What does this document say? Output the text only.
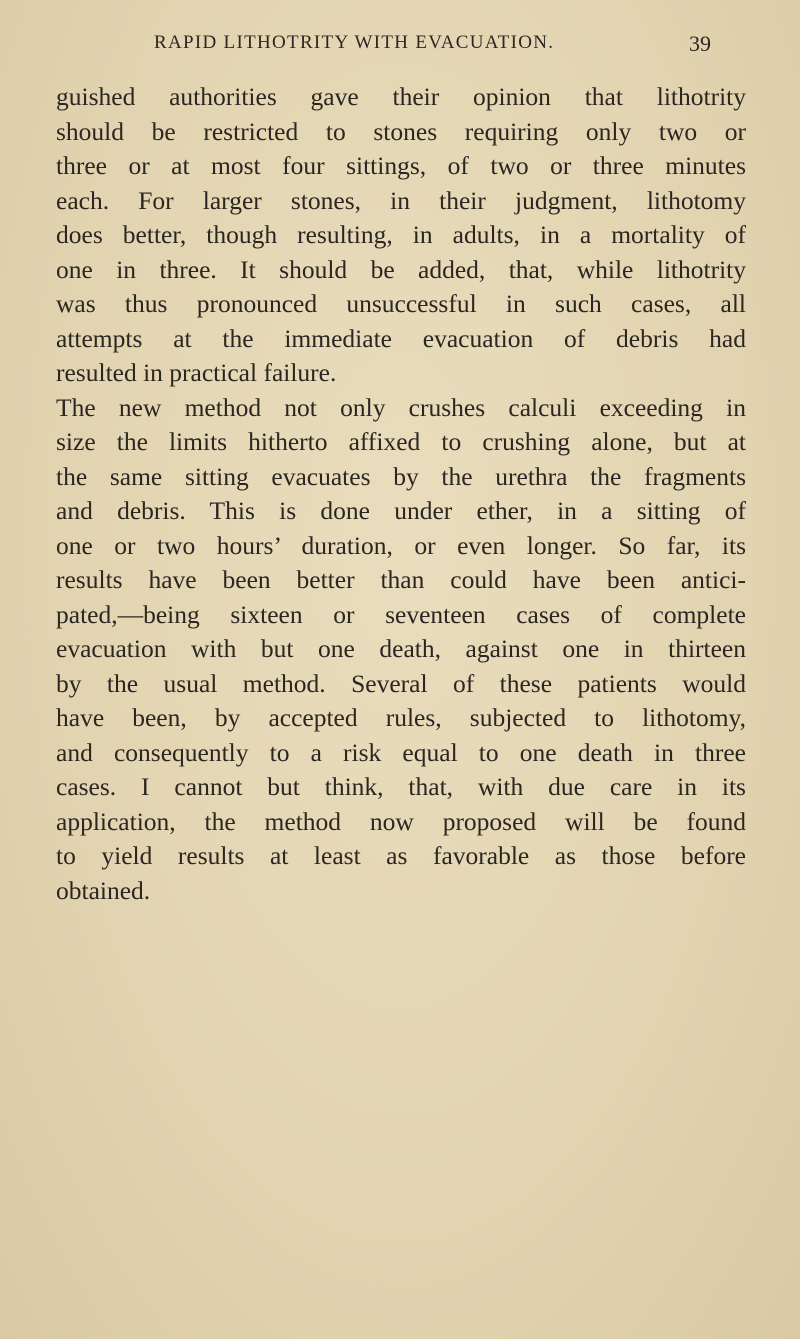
RAPID LITHOTRITY WITH EVACUATION.	39
guished authorities gave their opinion that lithotrity
should be restricted to stones requiring only two or
three or at most four sittings, of two or three minutes
each. For larger stones, in their judgment, lithotomy
does better, though resulting, in adults, in a mortality of
one in three. It should be added, that, while lithotrity
was thus pronounced unsuccessful in such cases, all
attempts at the immediate evacuation of debris had
resulted in practical failure.
The new method not only crushes calculi exceeding in
size the limits hitherto affixed to crushing alone, but at
the same sitting evacuates by the urethra the fragments
and debris. This is done under ether, in a sitting of
one or two hours’ duration, or even longer. So far, its
results have been better than could have been antici-
pated,—being sixteen or seventeen cases of complete
evacuation with but one death, against one in thirteen
by the usual method. Several of these patients would
have been, by accepted rules, subjected to lithotomy,
and consequently to a risk equal to one death in three
cases. I cannot but think, that, with due care in its
application, the method now proposed will be found
to yield results at least as favorable as those before
obtained.
